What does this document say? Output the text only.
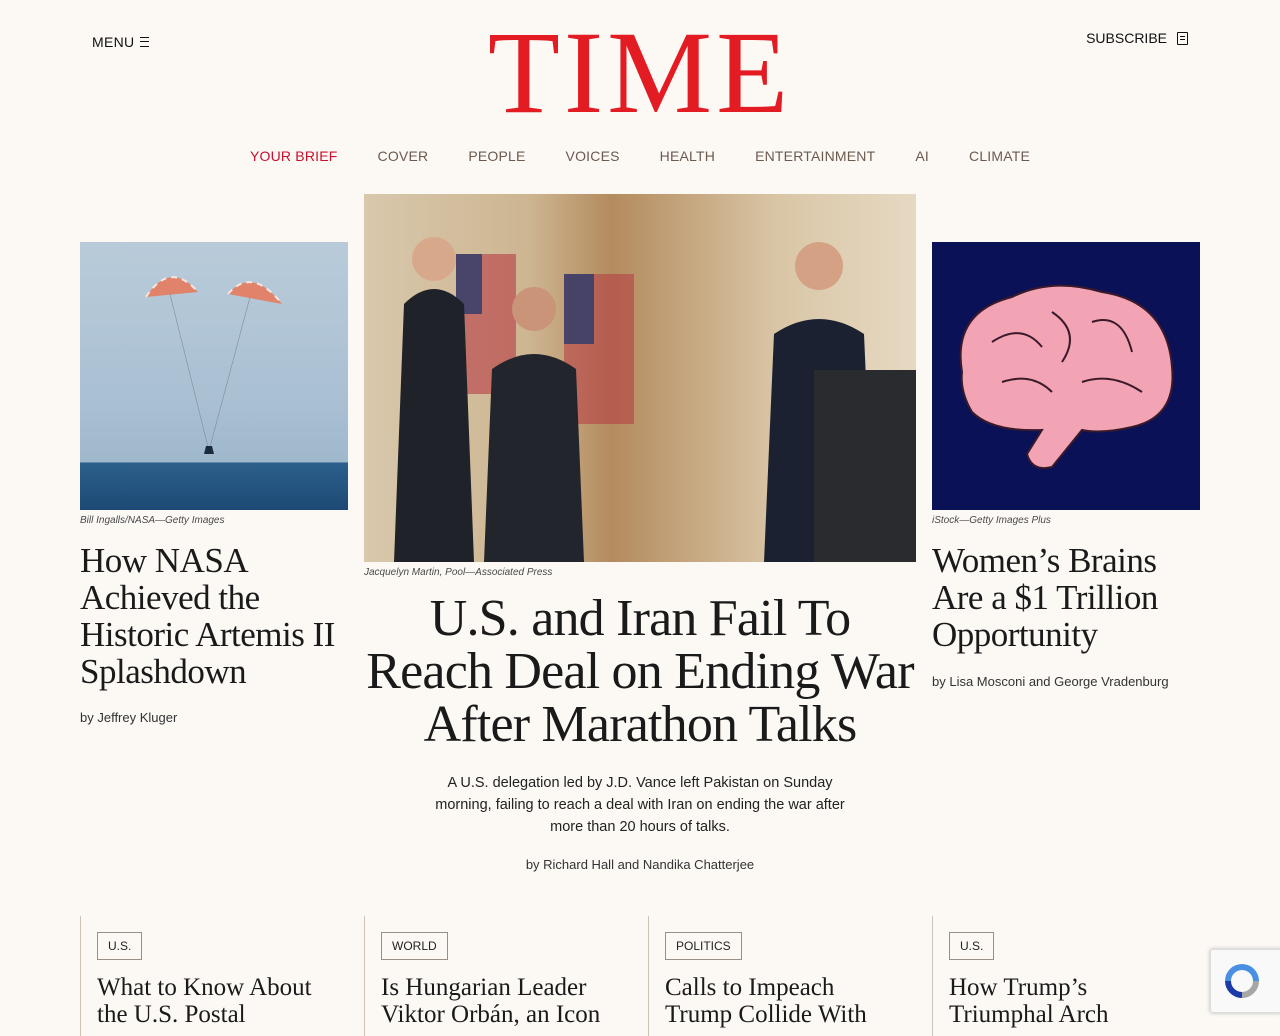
MENU	TIME	SUBSCRIBE
YOUR BRIEF	COVER	PEOPLE	VOICES	HEALTH	ENTERTAINMENT	AI	CLIMATE
Bill Ingalls/NASA—Getty Images
How NASA Achieved the Historic Artemis II Splashdown
by Jeffrey Kluger
Jacquelyn Martin, Pool—Associated Press
U.S. and Iran Fail To Reach Deal on Ending War After Marathon Talks
A U.S. delegation led by J.D. Vance left Pakistan on Sunday morning, failing to reach a deal with Iran on ending the war after more than 20 hours of talks.
by Richard Hall and Nandika Chatterjee
iStock—Getty Images Plus
Women’s Brains Are a $1 Trillion Opportunity
by Lisa Mosconi and George Vradenburg
U.S.
What to Know About the U.S. Postal
WORLD
Is Hungarian Leader Viktor Orbán, an Icon
POLITICS
Calls to Impeach Trump Collide With
U.S.
How Trump’s Triumphal Arch
